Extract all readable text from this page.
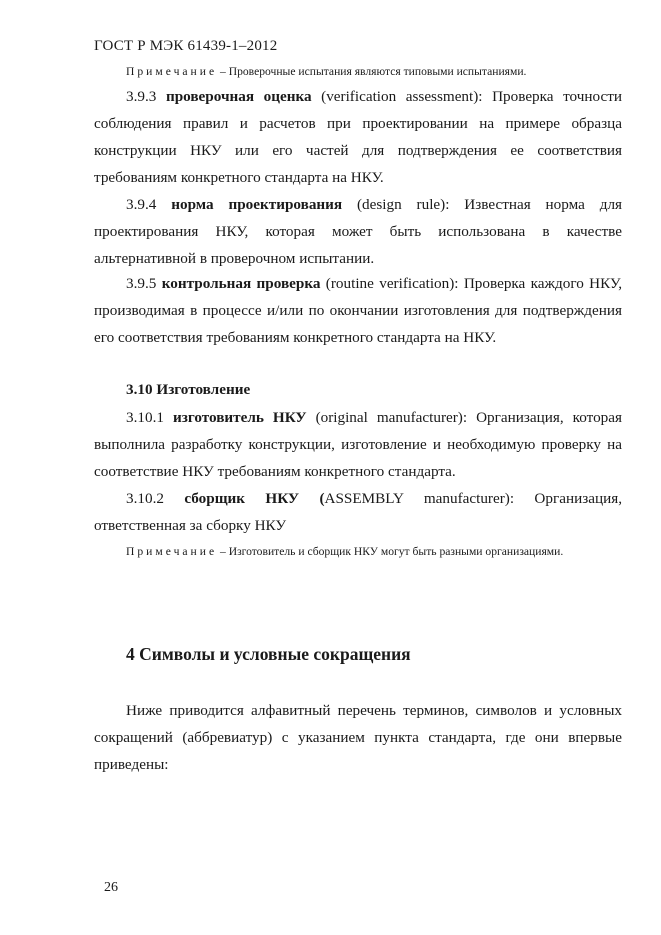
ГОСТ Р МЭК 61439-1–2012

Примечание – Проверочные испытания являются типовыми испытаниями.

3.9.3 проверочная оценка (verification assessment): Проверка точности соблюдения правил и расчетов при проектировании на примере образца конструкции НКУ или его частей для подтверждения ее соответствия требованиям конкретного стандарта на НКУ.

3.9.4 норма проектирования (design rule): Известная норма для проектирования НКУ, которая может быть использована в качестве альтернативной в проверочном испытании.

3.9.5 контрольная проверка (routine verification): Проверка каждого НКУ, производимая в процессе и/или по окончании изготовления для подтверждения его соответствия требованиям конкретного стандарта на НКУ.

3.10 Изготовление

3.10.1 изготовитель НКУ (original manufacturer): Организация, которая выполнила разработку конструкции, изготовление и необходимую проверку на соответствие НКУ требованиям конкретного стандарта.

3.10.2 сборщик НКУ (ASSEMBLY manufacturer): Организация, ответственная за сборку НКУ

Примечание – Изготовитель и сборщик НКУ могут быть разными организациями.

4 Символы и условные сокращения

Ниже приводится алфавитный перечень терминов, символов и условных сокращений (аббревиатур) с указанием пункта стандарта, где они впервые приведены:

26
